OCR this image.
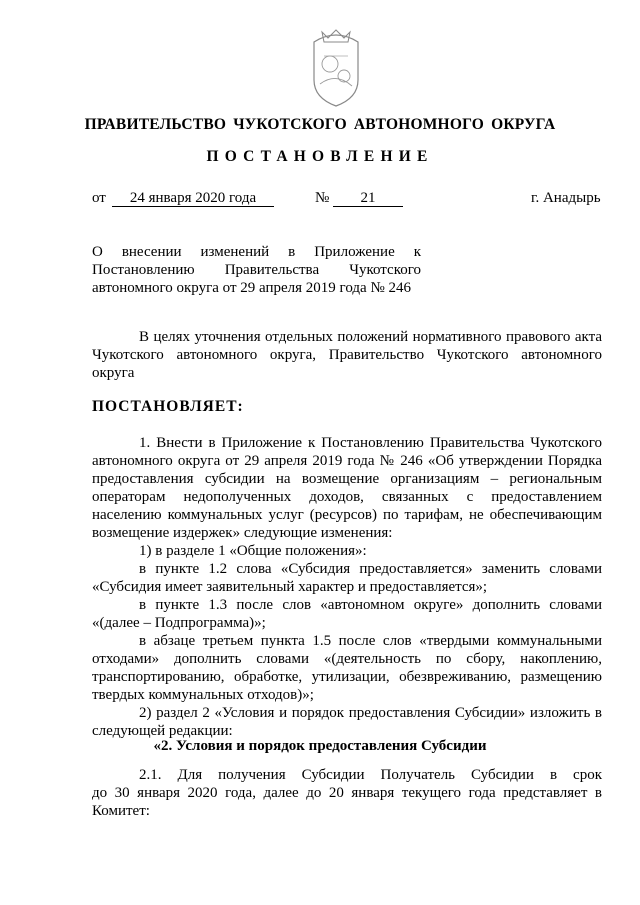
ПРАВИТЕЛЬСТВО ЧУКОТСКОГО АВТОНОМНОГО ОКРУГА
ПОСТАНОВЛЕНИЕ
от	24 января 2020 года	№	21	г. Анадырь
О внесении изменений в Приложение к
Постановлению Правительства Чукотского
автономного округа от 29 апреля 2019 года № 246
В целях уточнения отдельных положений нормативного правового акта
Чукотского автономного округа, Правительство Чукотского автономного
округа
ПОСТАНОВЛЯЕТ:
1. Внести в Приложение к Постановлению Правительства Чукотского
автономного округа от 29 апреля 2019 года № 246 «Об утверждении Порядка
предоставления субсидии на возмещение организациям – региональным
операторам недополученных доходов, связанных с предоставлением
населению коммунальных услуг (ресурсов) по тарифам, не обеспечивающим
возмещение издержек» следующие изменения:
1) в разделе 1 «Общие положения»:
в пункте 1.2 слова «Субсидия предоставляется» заменить словами
«Субсидия имеет заявительный характер и предоставляется»;
в пункте 1.3 после слов «автономном округе» дополнить словами
«(далее – Подпрограмма)»;
в абзаце третьем пункта 1.5 после слов «твердыми коммунальными
отходами» дополнить словами «(деятельность по сбору, накоплению,
транспортированию, обработке, утилизации, обезвреживанию, размещению
твердых коммунальных отходов)»;
2) раздел 2 «Условия и порядок предоставления Субсидии» изложить в
следующей редакции:
«2. Условия и порядок предоставления Субсидии
2.1. Для получения Субсидии Получатель Субсидии в срок
до 30 января 2020 года, далее до 20 января текущего года представляет в
Комитет:
